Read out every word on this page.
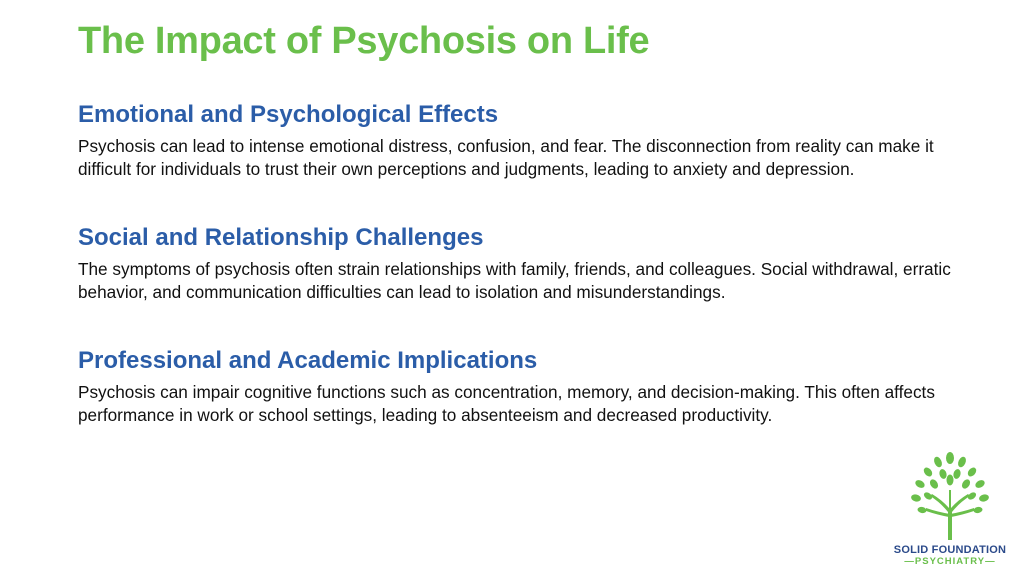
The Impact of Psychosis on Life
Emotional and Psychological Effects

Psychosis can lead to intense emotional distress, confusion, and fear. The disconnection from reality can make it difficult for individuals to trust their own perceptions and judgments, leading to anxiety and depression.

Social and Relationship Challenges

The symptoms of psychosis often strain relationships with family, friends, and colleagues. Social withdrawal, erratic behavior, and communication difficulties can lead to isolation and misunderstandings.

Professional and Academic Implications

Psychosis can impair cognitive functions such as concentration, memory, and decision-making. This often affects performance in work or school settings, leading to absenteeism and decreased productivity.

SOLID FOUNDATION
—PSYCHIATRY—
